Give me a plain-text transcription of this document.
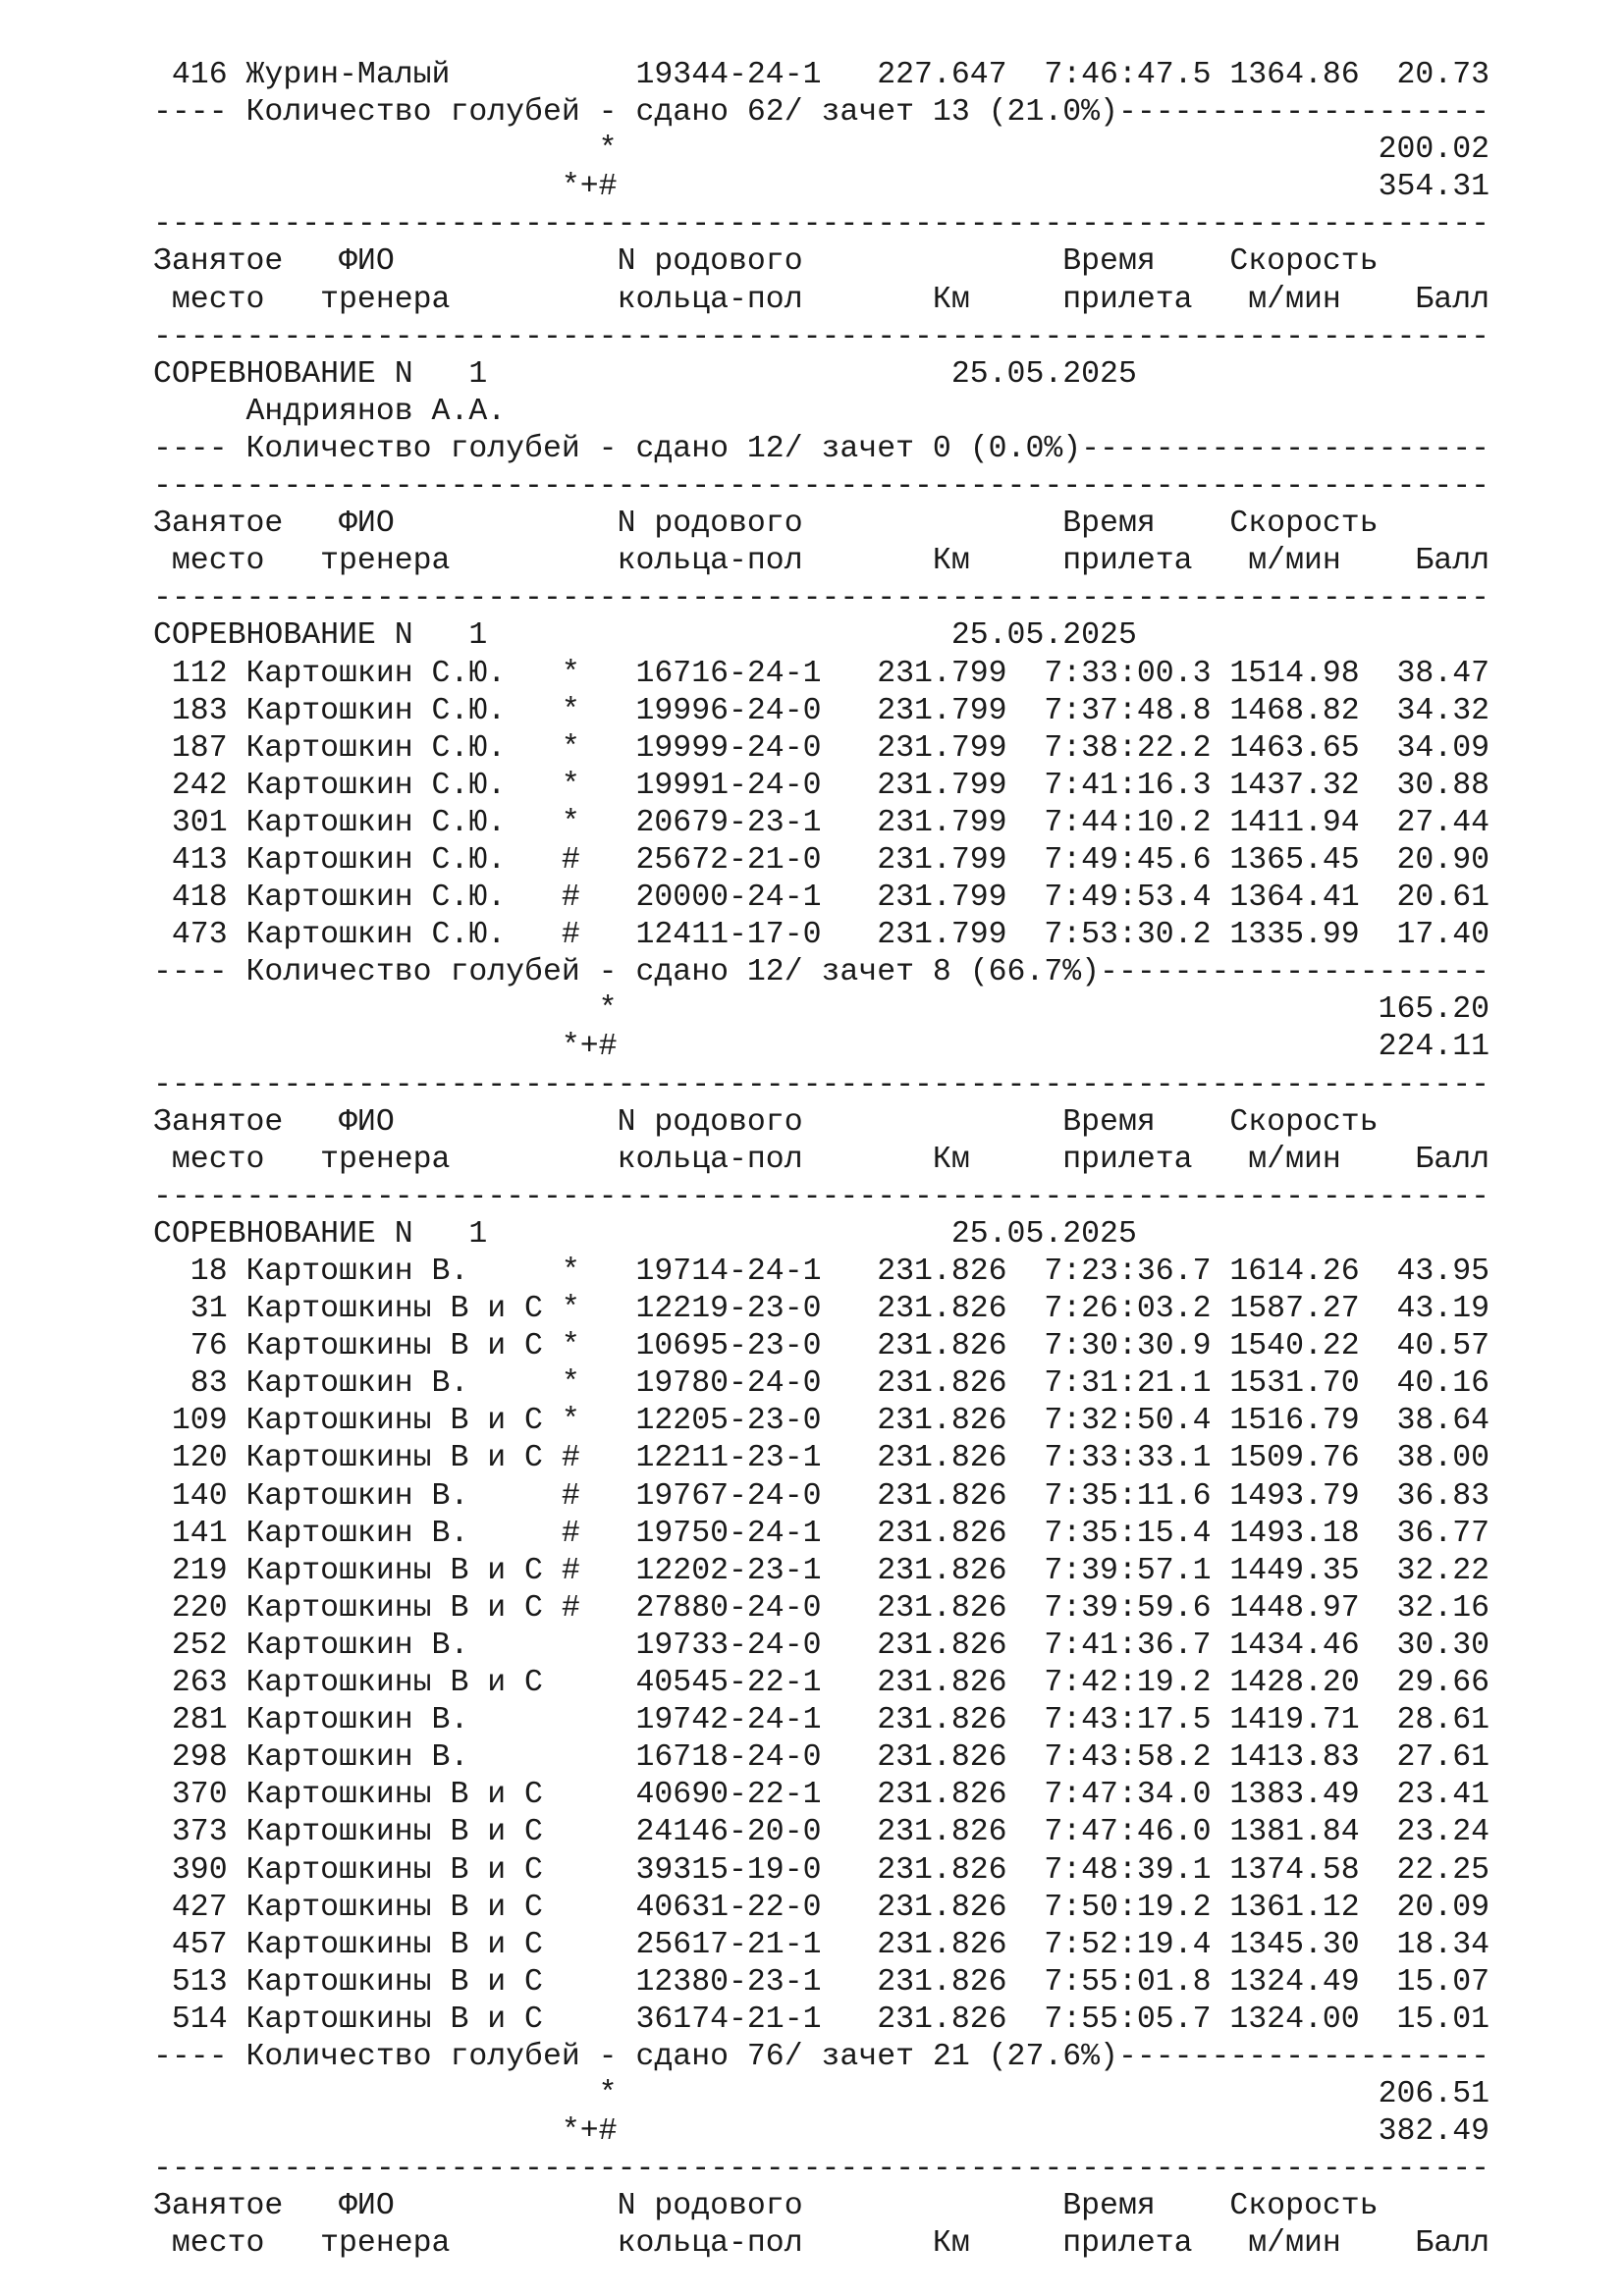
416 Журин-Малый          19344-24-1   227.647  7:46:47.5 1364.86  20.73
---- Количество голубей - сдано 62/ зачет 13 (21.0%)--------------------
*                                         200.02
*+#                                         354.31
------------------------------------------------------------------------
Занятое   ФИО            N родового              Время    Скорость
место   тренера         кольца-пол       Км     прилета   м/мин    Балл
------------------------------------------------------------------------
СОРЕВНОВАНИЕ N   1                         25.05.2025
Андриянов А.А.
---- Количество голубей - сдано 12/ зачет 0 (0.0%)----------------------
------------------------------------------------------------------------
Занятое   ФИО            N родового              Время    Скорость
место   тренера         кольца-пол       Км     прилета   м/мин    Балл
------------------------------------------------------------------------
СОРЕВНОВАНИЕ N   1                         25.05.2025
112 Картошкин С.Ю.   *   16716-24-1   231.799  7:33:00.3 1514.98  38.47
183 Картошкин С.Ю.   *   19996-24-0   231.799  7:37:48.8 1468.82  34.32
187 Картошкин С.Ю.   *   19999-24-0   231.799  7:38:22.2 1463.65  34.09
242 Картошкин С.Ю.   *   19991-24-0   231.799  7:41:16.3 1437.32  30.88
301 Картошкин С.Ю.   *   20679-23-1   231.799  7:44:10.2 1411.94  27.44
413 Картошкин С.Ю.   #   25672-21-0   231.799  7:49:45.6 1365.45  20.90
418 Картошкин С.Ю.   #   20000-24-1   231.799  7:49:53.4 1364.41  20.61
473 Картошкин С.Ю.   #   12411-17-0   231.799  7:53:30.2 1335.99  17.40
---- Количество голубей - сдано 12/ зачет 8 (66.7%)---------------------
*                                         165.20
*+#                                         224.11
------------------------------------------------------------------------
Занятое   ФИО            N родового              Время    Скорость
место   тренера         кольца-пол       Км     прилета   м/мин    Балл
------------------------------------------------------------------------
СОРЕВНОВАНИЕ N   1                         25.05.2025
18 Картошкин В.     *   19714-24-1   231.826  7:23:36.7 1614.26  43.95
31 Картошкины В и С *   12219-23-0   231.826  7:26:03.2 1587.27  43.19
76 Картошкины В и С *   10695-23-0   231.826  7:30:30.9 1540.22  40.57
83 Картошкин В.     *   19780-24-0   231.826  7:31:21.1 1531.70  40.16
109 Картошкины В и С *   12205-23-0   231.826  7:32:50.4 1516.79  38.64
120 Картошкины В и С #   12211-23-1   231.826  7:33:33.1 1509.76  38.00
140 Картошкин В.     #   19767-24-0   231.826  7:35:11.6 1493.79  36.83
141 Картошкин В.     #   19750-24-1   231.826  7:35:15.4 1493.18  36.77
219 Картошкины В и С #   12202-23-1   231.826  7:39:57.1 1449.35  32.22
220 Картошкины В и С #   27880-24-0   231.826  7:39:59.6 1448.97  32.16
252 Картошкин В.         19733-24-0   231.826  7:41:36.7 1434.46  30.30
263 Картошкины В и С     40545-22-1   231.826  7:42:19.2 1428.20  29.66
281 Картошкин В.         19742-24-1   231.826  7:43:17.5 1419.71  28.61
298 Картошкин В.         16718-24-0   231.826  7:43:58.2 1413.83  27.61
370 Картошкины В и С     40690-22-1   231.826  7:47:34.0 1383.49  23.41
373 Картошкины В и С     24146-20-0   231.826  7:47:46.0 1381.84  23.24
390 Картошкины В и С     39315-19-0   231.826  7:48:39.1 1374.58  22.25
427 Картошкины В и С     40631-22-0   231.826  7:50:19.2 1361.12  20.09
457 Картошкины В и С     25617-21-1   231.826  7:52:19.4 1345.30  18.34
513 Картошкины В и С     12380-23-1   231.826  7:55:01.8 1324.49  15.07
514 Картошкины В и С     36174-21-1   231.826  7:55:05.7 1324.00  15.01
---- Количество голубей - сдано 76/ зачет 21 (27.6%)--------------------
*                                         206.51
*+#                                         382.49
------------------------------------------------------------------------
Занятое   ФИО            N родового              Время    Скорость
место   тренера         кольца-пол       Км     прилета   м/мин    Балл
